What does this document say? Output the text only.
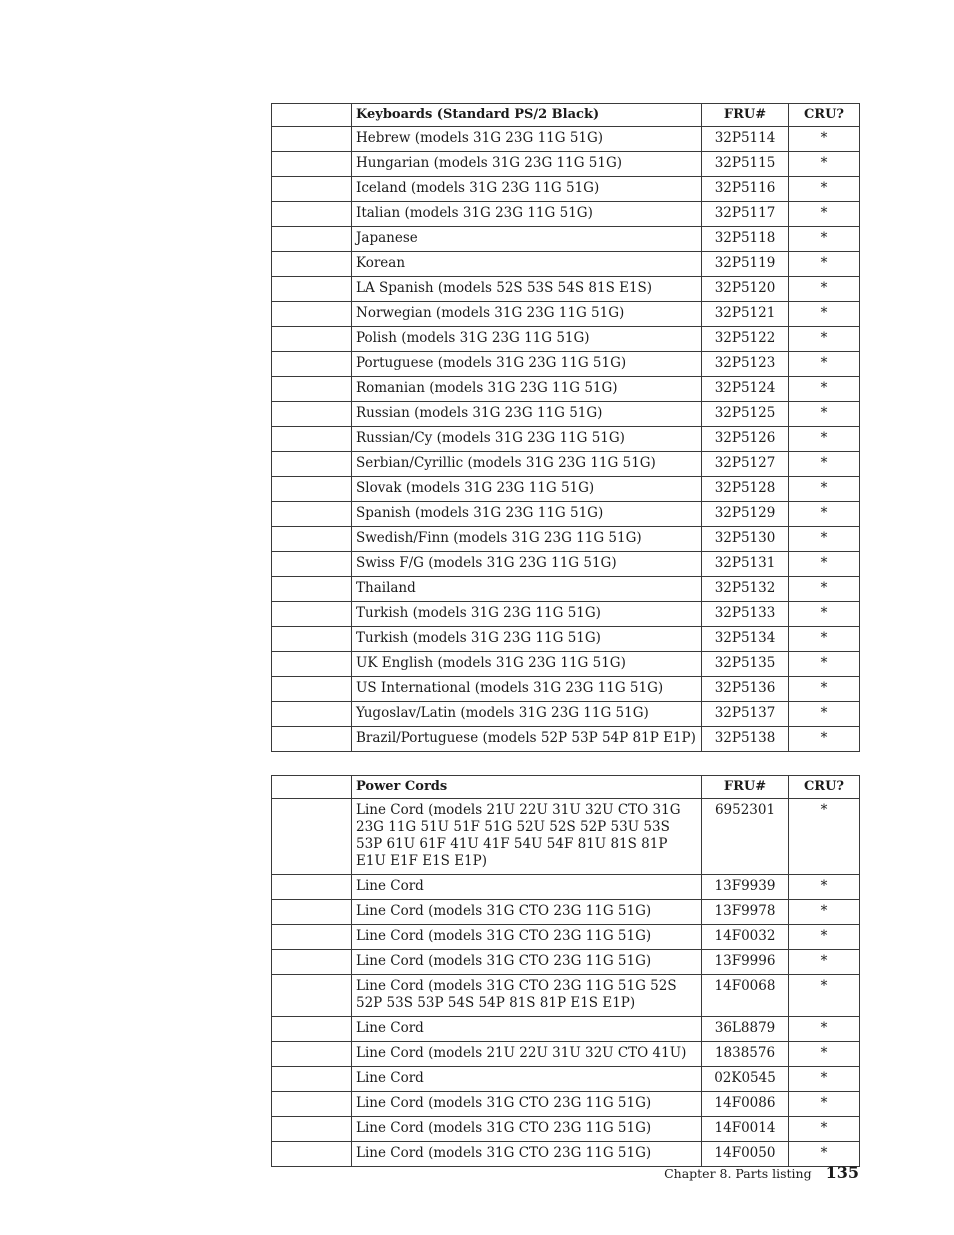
	Keyboards (Standard PS/2 Black)	FRU#	CRU?
	Hebrew (models 31G 23G 11G 51G)	32P5114	*
	Hungarian (models 31G 23G 11G 51G)	32P5115	*
	Iceland (models 31G 23G 11G 51G)	32P5116	*
	Italian (models 31G 23G 11G 51G)	32P5117	*
	Japanese	32P5118	*
	Korean	32P5119	*
	LA Spanish (models 52S 53S 54S 81S E1S)	32P5120	*
	Norwegian (models 31G 23G 11G 51G)	32P5121	*
	Polish (models 31G 23G 11G 51G)	32P5122	*
	Portuguese (models 31G 23G 11G 51G)	32P5123	*
	Romanian (models 31G 23G 11G 51G)	32P5124	*
	Russian (models 31G 23G 11G 51G)	32P5125	*
	Russian/Cy (models 31G 23G 11G 51G)	32P5126	*
	Serbian/Cyrillic (models 31G 23G 11G 51G)	32P5127	*
	Slovak (models 31G 23G 11G 51G)	32P5128	*
	Spanish (models 31G 23G 11G 51G)	32P5129	*
	Swedish/Finn (models 31G 23G 11G 51G)	32P5130	*
	Swiss F/G (models 31G 23G 11G 51G)	32P5131	*
	Thailand	32P5132	*
	Turkish (models 31G 23G 11G 51G)	32P5133	*
	Turkish (models 31G 23G 11G 51G)	32P5134	*
	UK English (models 31G 23G 11G 51G)	32P5135	*
	US International (models 31G 23G 11G 51G)	32P5136	*
	Yugoslav/Latin (models 31G 23G 11G 51G)	32P5137	*
	Brazil/Portuguese (models 52P 53P 54P 81P E1P)	32P5138	*
	Power Cords	FRU#	CRU?
	Line Cord (models 21U 22U 31U 32U CTO 31G 23G 11G 51U 51F 51G 52U 52S 52P 53U 53S 53P 61U 61F 41U 41F 54U 54F 81U 81S 81P E1U E1F E1S E1P)	6952301	*
	Line Cord	13F9939	*
	Line Cord (models 31G CTO 23G 11G 51G)	13F9978	*
	Line Cord (models 31G CTO 23G 11G 51G)	14F0032	*
	Line Cord (models 31G CTO 23G 11G 51G)	13F9996	*
	Line Cord (models 31G CTO 23G 11G 51G 52S 52P 53S 53P 54S 54P 81S 81P E1S E1P)	14F0068	*
	Line Cord	36L8879	*
	Line Cord (models 21U 22U 31U 32U CTO 41U)	1838576	*
	Line Cord	02K0545	*
	Line Cord (models 31G CTO 23G 11G 51G)	14F0086	*
	Line Cord (models 31G CTO 23G 11G 51G)	14F0014	*
	Line Cord (models 31G CTO 23G 11G 51G)	14F0050	*
Chapter 8. Parts listing 135
